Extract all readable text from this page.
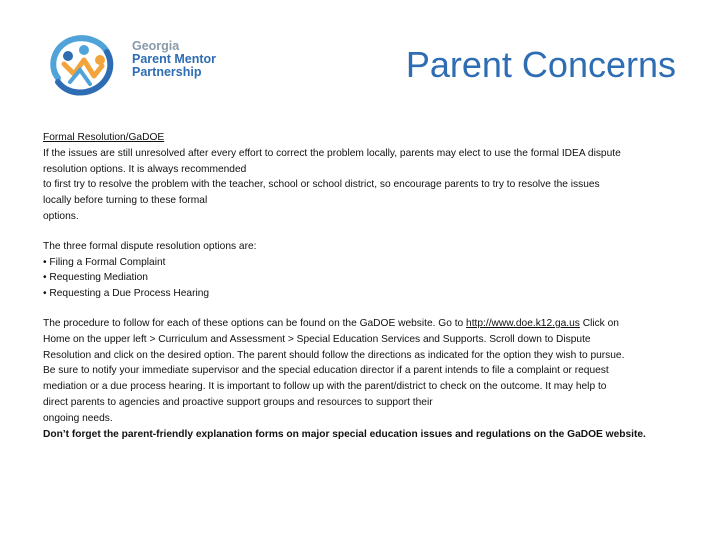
Georgia
Parent Mentor
Partnership	Parent Concerns

Formal Resolution/GaDOE

If the issues are still unresolved after every effort to correct the problem locally, parents may elect to use the formal IDEA dispute

resolution options. It is always recommended

to first try to resolve the problem with the teacher, school or school district, so encourage parents to try to resolve the issues

locally before turning to these formal

options.

The three formal dispute resolution options are:

• Filing a Formal Complaint

• Requesting Mediation

• Requesting a Due Process Hearing

The procedure to follow for each of these options can be found on the GaDOE website. Go to http://www.doe.k12.ga.us Click on

Home on the upper left > Curriculum and Assessment > Special Education Services and Supports. Scroll down to Dispute

Resolution and click on the desired option. The parent should follow the directions as indicated for the option they wish to pursue.

Be sure to notify your immediate supervisor and the special education director if a parent intends to file a complaint or request

mediation or a due process hearing. It is important to follow up with the parent/district to check on the outcome. It may help to

direct parents to agencies and proactive support groups and resources to support their

ongoing needs.

Don’t forget the parent-friendly explanation forms on major special education issues and regulations on the GaDOE website.
